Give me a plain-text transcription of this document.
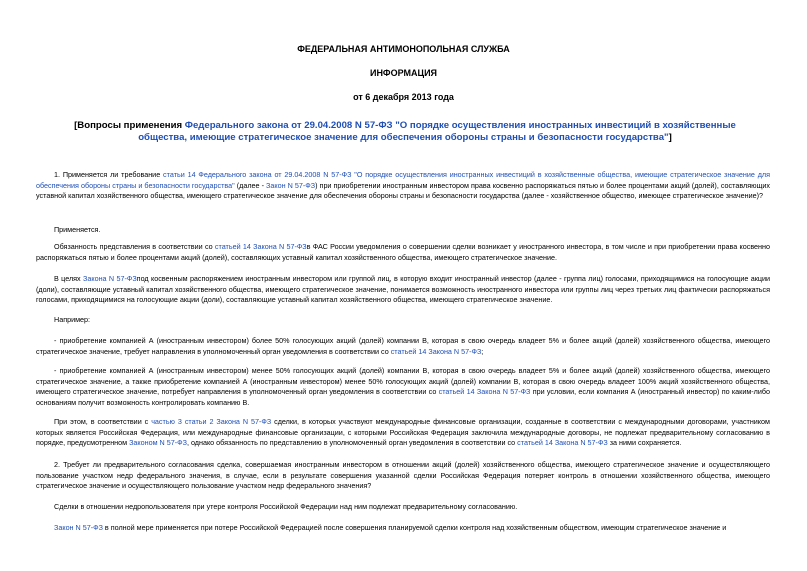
ФЕДЕРАЛЬНАЯ АНТИМОНОПОЛЬНАЯ СЛУЖБА
ИНФОРМАЦИЯ
от 6 декабря 2013 года
[Вопросы применения Федерального закона от 29.04.2008 N 57-ФЗ "О порядке осуществления иностранных инвестиций в хозяйственные общества, имеющие стратегическое значение для обеспечения обороны страны и безопасности государства"]
1. Применяется ли требование статьи 14 Федерального закона от 29.04.2008 N 57-ФЗ "О порядке осуществления иностранных инвестиций в хозяйственные общества, имеющие стратегическое значение для обеспечения обороны страны и безопасности государства" (далее - Закон N 57-ФЗ) при приобретении иностранным инвестором права косвенно распоряжаться пятью и более процентами акций (долей), составляющих уставной капитал хозяйственного общества, имеющего стратегическое значение для обеспечения обороны страны и безопасности государства (далее - хозяйственное общество, имеющее стратегическое значение)?
Применяется.
Обязанность представления в соответствии со статьей 14 Закона N 57-ФЗв ФАС России уведомления о совершении сделки возникает у иностранного инвестора, в том числе и при приобретении права косвенно распоряжаться пятью и более процентами акций (долей), составляющих уставный капитал хозяйственного общества, имеющего стратегическое значение.
В целях Закона N 57-ФЗпод косвенным распоряжением иностранным инвестором или группой лиц, в которую входит иностранный инвестор (далее - группа лиц) голосами, приходящимися на голосующие акции (доли), составляющие уставный капитал хозяйственного общества, имеющего стратегическое значение, понимается возможность иностранного инвестора или группы лиц через третьих лиц фактически распоряжаться голосами, приходящимися на голосующие акции (доли), составляющие уставный капитал хозяйственного общества, имеющего стратегическое значение.
Например:
- приобретение компанией А (иностранным инвестором) более 50% голосующих акций (долей) компании В, которая в свою очередь владеет 5% и более акций (долей) хозяйственного общества, имеющего стратегическое значение, требует направления в уполномоченный орган уведомления в соответствии со статьей 14 Закона N 57-ФЗ;
- приобретение компанией А (иностранным инвестором) менее 50% голосующих акций (долей) компании В, которая в свою очередь владеет 5% и более акций (долей) хозяйственного общества, имеющего стратегическое значение, а также приобретение компанией А (иностранным инвестором) менее 50% голосующих акций (долей) компании В, которая в свою очередь владеет 100% акций хозяйственного общества, имеющего стратегическое значение, потребует направления в уполномоченный орган уведомления в соответствии со статьей 14 Закона N 57-ФЗ при условии, если компания А (иностранный инвестор) по каким-либо основаниям получит возможность контролировать компанию В.
При этом, в соответствии с частью 3 статьи 2 Закона N 57-ФЗ сделки, в которых участвуют международные финансовые организации, созданные в соответствии с международными договорами, участником которых является Российская Федерация, или международные финансовые организации, с которыми Российская Федерация заключила международные договоры, не подлежат предварительному согласованию в порядке, предусмотренном Законом N 57-ФЗ, однако обязанность по представлению в уполномоченный орган уведомления в соответствии со статьей 14 Закона N 57-ФЗ за ними сохраняется.
2. Требует ли предварительного согласования сделка, совершаемая иностранным инвестором в отношении акций (долей) хозяйственного общества, имеющего стратегическое значение и осуществляющего пользование участком недр федерального значения, в случае, если в результате совершения указанной сделки Российская Федерация потеряет контроль в отношении хозяйственного общества, имеющего стратегическое значение и осуществляющего пользование участком недр федерального значения?
Сделки в отношении недропользователя при утере контроля Российской Федерации над ним подлежат предварительному согласованию.
Закон N 57-ФЗ в полной мере применяется при потере Российской Федерацией после совершения планируемой сделки контроля над хозяйственным обществом, имеющим стратегическое значение и
